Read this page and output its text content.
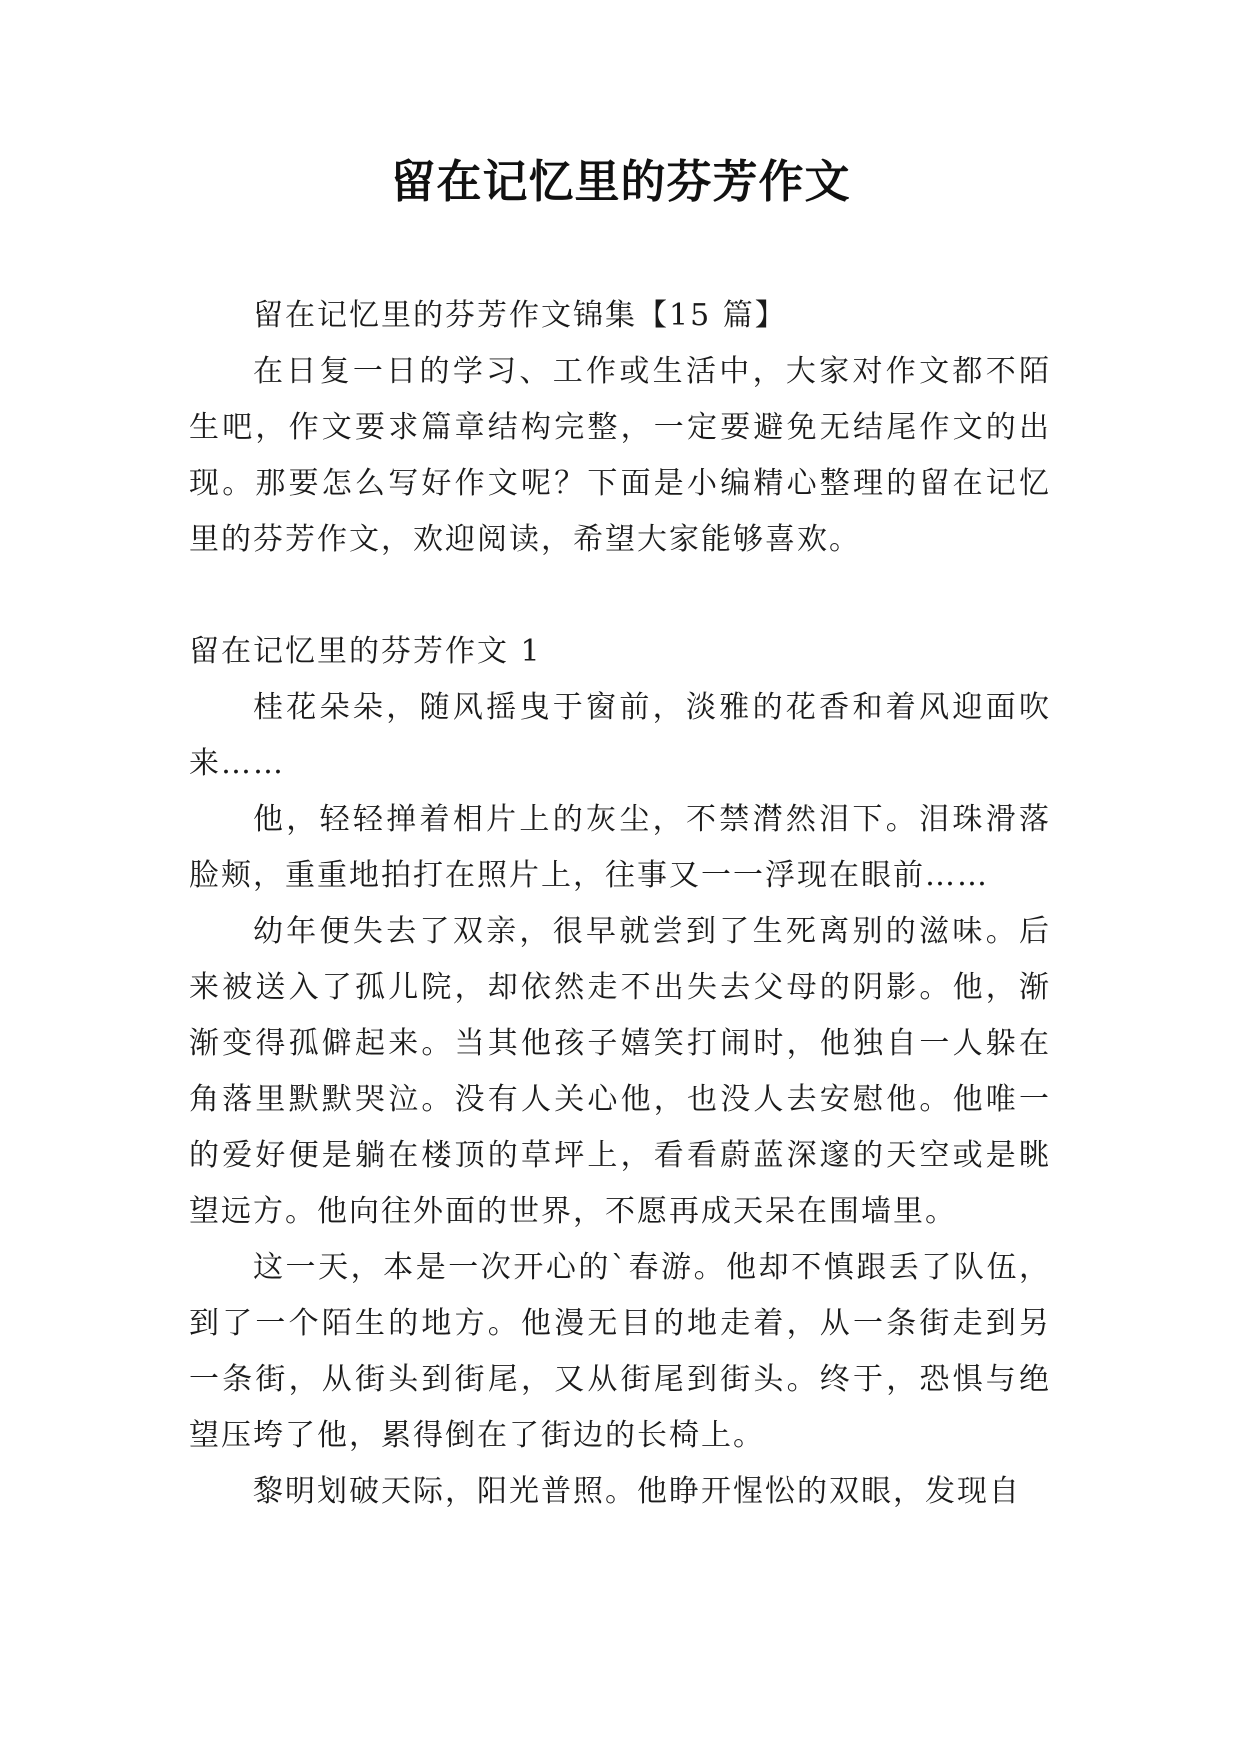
留在记忆里的芬芳作文

留在记忆里的芬芳作文锦集【15 篇】

在日复一日的学习、工作或生活中，大家对作文都不陌生吧，作文要求篇章结构完整，一定要避免无结尾作文的出现。那要怎么写好作文呢？下面是小编精心整理的留在记忆里的芬芳作文，欢迎阅读，希望大家能够喜欢。

留在记忆里的芬芳作文 1

桂花朵朵，随风摇曳于窗前，淡雅的花香和着风迎面吹来……

他，轻轻掸着相片上的灰尘，不禁潸然泪下。泪珠滑落脸颊，重重地拍打在照片上，往事又一一浮现在眼前……

幼年便失去了双亲，很早就尝到了生死离别的滋味。后来被送入了孤儿院，却依然走不出失去父母的阴影。他，渐渐变得孤僻起来。当其他孩子嬉笑打闹时，他独自一人躲在角落里默默哭泣。没有人关心他，也没人去安慰他。他唯一的爱好便是躺在楼顶的草坪上，看看蔚蓝深邃的天空或是眺望远方。他向往外面的世界，不愿再成天呆在围墙里。

这一天，本是一次开心的`春游。他却不慎跟丢了队伍，到了一个陌生的地方。他漫无目的地走着，从一条街走到另一条街，从街头到街尾，又从街尾到街头。终于，恐惧与绝望压垮了他，累得倒在了街边的长椅上。

黎明划破天际，阳光普照。他睁开惺忪的双眼，发现自
